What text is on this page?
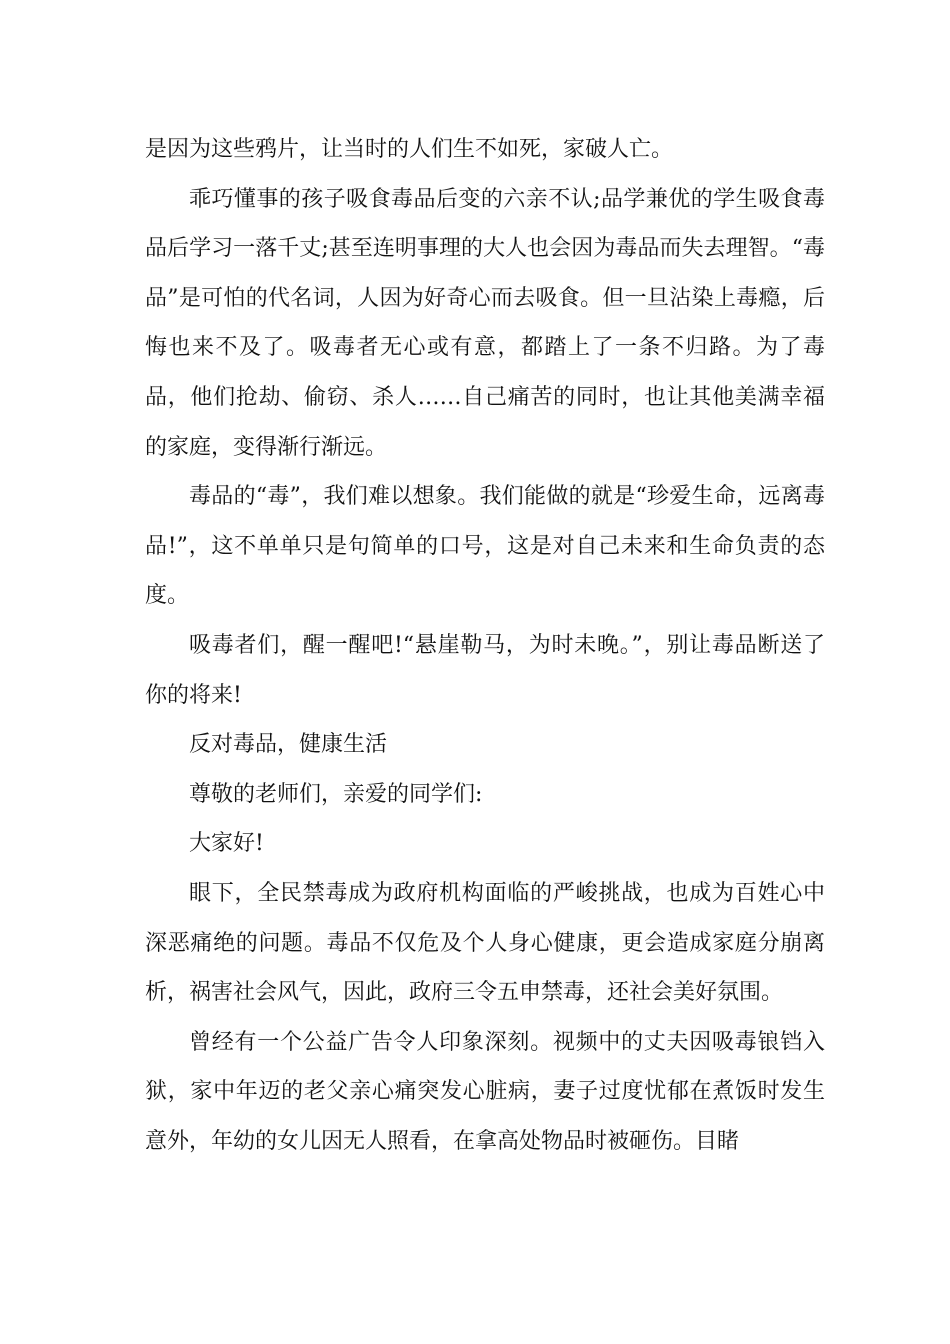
是因为这些鸦片，让当时的人们生不如死，家破人亡。

乖巧懂事的孩子吸食毒品后变的六亲不认;品学兼优的学生吸食毒品后学习一落千丈;甚至连明事理的大人也会因为毒品而失去理智。“毒品”是可怕的代名词，人因为好奇心而去吸食。但一旦沾染上毒瘾，后悔也来不及了。吸毒者无心或有意，都踏上了一条不归路。为了毒品，他们抢劫、偷窃、杀人……自己痛苦的同时，也让其他美满幸福的家庭，变得渐行渐远。

毒品的“毒”，我们难以想象。我们能做的就是“珍爱生命，远离毒品!”，这不单单只是句简单的口号，这是对自己未来和生命负责的态度。

吸毒者们，醒一醒吧!“悬崖勒马，为时未晚。”，别让毒品断送了你的将来!

反对毒品，健康生活

尊敬的老师们，亲爱的同学们:

大家好!

眼下，全民禁毒成为政府机构面临的严峻挑战，也成为百姓心中深恶痛绝的问题。毒品不仅危及个人身心健康，更会造成家庭分崩离析，祸害社会风气，因此，政府三令五申禁毒，还社会美好氛围。

曾经有一个公益广告令人印象深刻。视频中的丈夫因吸毒锒铛入狱，家中年迈的老父亲心痛突发心脏病，妻子过度忧郁在煮饭时发生意外，年幼的女儿因无人照看，在拿高处物品时被砸伤。目睹
